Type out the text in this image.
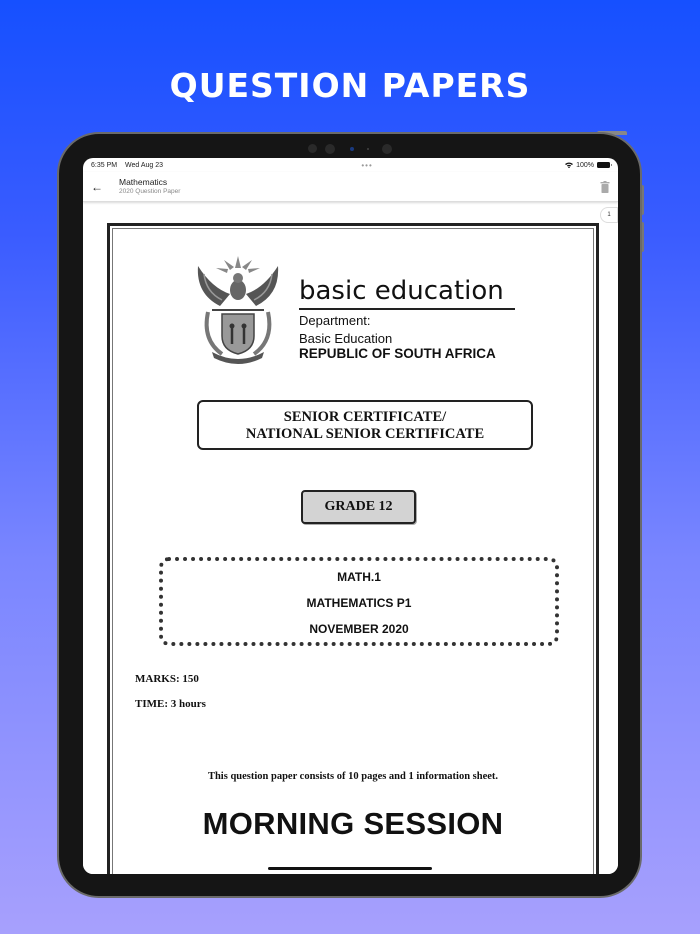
QUESTION PAPERS
6:35 PM Wed Aug 23	•••	100%
←	Mathematics
2020 Question Paper
1
basic education
Department:
Basic Education
REPUBLIC OF SOUTH AFRICA
SENIOR CERTIFICATE/
NATIONAL SENIOR CERTIFICATE
GRADE 12
MATH.1
MATHEMATICS P1
NOVEMBER 2020
MARKS: 150
TIME: 3 hours
This question paper consists of 10 pages and 1 information sheet.
MORNING SESSION
